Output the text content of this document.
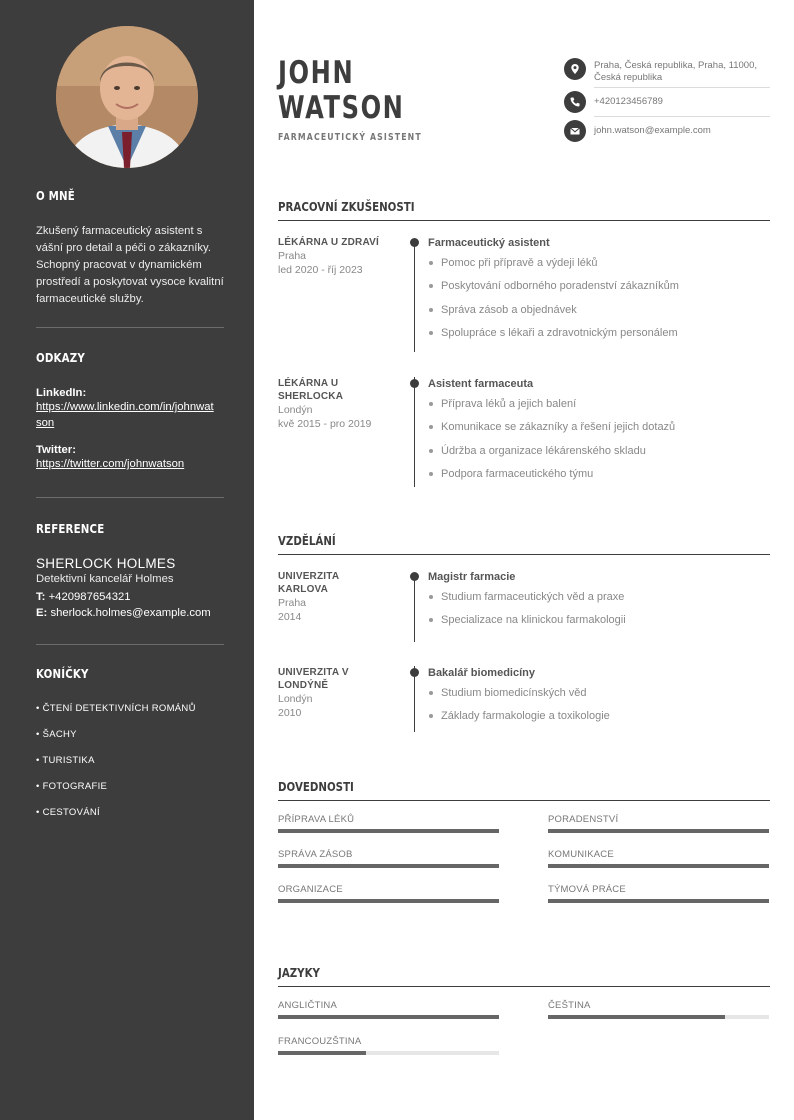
O MNĚ
Zkušený farmaceutický asistent s vášní pro detail a péči o zákazníky. Schopný pracovat v dynamickém prostředí a poskytovat vysoce kvalitní farmaceutické služby.
ODKAZY
LinkedIn:
https://www.linkedin.com/in/johnwatson
Twitter:
https://twitter.com/johnwatson
REFERENCE
SHERLOCK HOLMES
Detektivní kancelář Holmes
T: +420987654321
E: sherlock.holmes@example.com
KONÍČKY
• ČTENÍ DETEKTIVNÍCH ROMÁNŮ
• ŠACHY
• TURISTIKA
• FOTOGRAFIE
• CESTOVÁNÍ
JOHN
WATSON
FARMACEUTICKÝ ASISTENT
Praha, Česká republika, Praha, 11000,
Česká republika
+420123456789
john.watson@example.com
PRACOVNÍ ZKUŠENOSTI
LÉKÁRNA U ZDRAVÍ
Praha
led 2020 - říj 2023
Farmaceutický asistent
Pomoc při přípravě a výdeji léků
Poskytování odborného poradenství zákazníkům
Správa zásob a objednávek
Spolupráce s lékaři a zdravotnickým personálem
LÉKÁRNA U
SHERLOCKA
Londýn
kvě 2015 - pro 2019
Asistent farmaceuta
Příprava léků a jejich balení
Komunikace se zákazníky a řešení jejich dotazů
Údržba a organizace lékárenského skladu
Podpora farmaceutického týmu
VZDĚLÁNÍ
UNIVERZITA
KARLOVA
Praha
2014
Magistr farmacie
Studium farmaceutických věd a praxe
Specializace na klinickou farmakologii
UNIVERZITA V
LONDÝNĚ
Londýn
2010
Bakalář biomedicíny
Studium biomedicínských věd
Základy farmakologie a toxikologie
DOVEDNOSTI
PŘÍPRAVA LÉKŮ	PORADENSTVÍ
SPRÁVA ZÁSOB	KOMUNIKACE
ORGANIZACE	TÝMOVÁ PRÁCE
JAZYKY
ANGLIČTINA	ČEŠTINA
FRANCOUZŠTINA
